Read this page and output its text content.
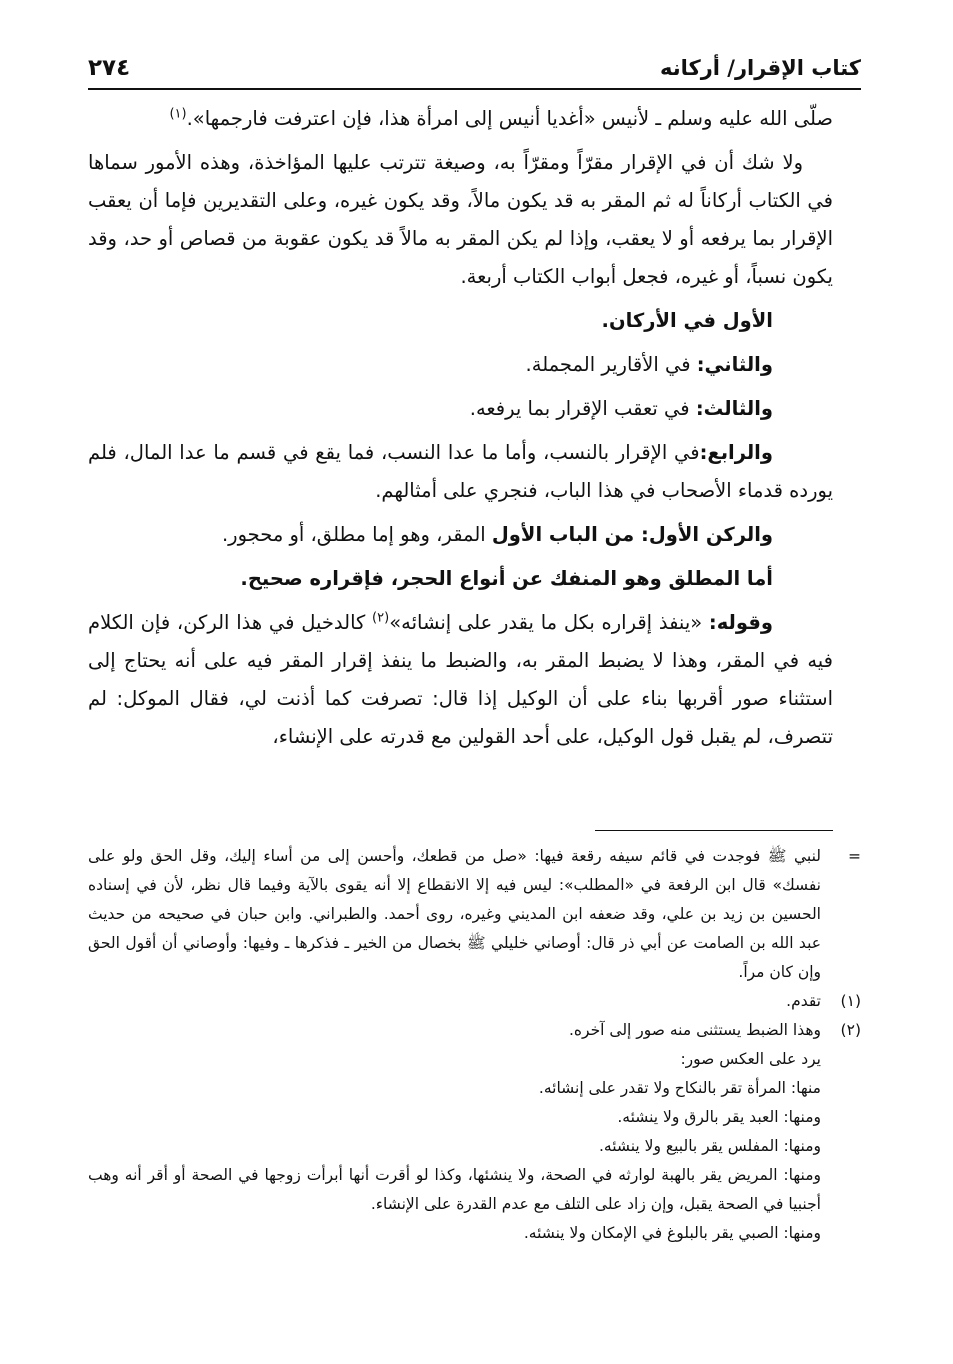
كتاب الإقرار/ أركانه
٢٧٤

صلّى الله عليه وسلم ـ لأنيس «أغديا أنيس إلى امرأة هذا، فإن اعترفت فارجمها».$^{(١)}$

ولا شك أن في الإقرار مقرّاً ومقرّاً به، وصيغة تترتب عليها المؤاخذة، وهذه الأمور سماها في الكتاب أركاناً له ثم المقر به قد يكون مالاً، وقد يكون غيره، وعلى التقديرين فإما أن يعقب الإقرار بما يرفعه أو لا يعقب، وإذا لم يكن المقر به مالاً قد يكون عقوبة من قصاص أو حد، وقد يكون نسباً، أو غيره، فجعل أبواب الكتاب أربعة.

الأول في الأركان.

والثاني: في الأقارير المجملة.

والثالث: في تعقب الإقرار بما يرفعه.

والرابع:في الإقرار بالنسب، وأما ما عدا النسب، فما يقع في قسم ما عدا المال، فلم يورده قدماء الأصحاب في هذا الباب، فنجري على أمثالهم.

والركن الأول: من الباب الأول المقر، وهو إما مطلق، أو محجور.

أما المطلق وهو المنفك عن أنواع الحجر، فإقراره صحيح.

وقوله: «ينفذ إقراره بكل ما يقدر على إنشائه»$^{(٢)}$ كالدخيل في هذا الركن، فإن الكلام فيه في المقر، وهذا لا يضبط المقر به، والضبط ما ينفذ إقرار المقر فيه على أنه يحتاج إلى استثناء صور أقربها بناء على أن الوكيل إذا قال: تصرفت كما أذنت لي، فقال الموكل: لم تتصرف، لم يقبل قول الوكيل، على أحد القولين مع قدرته على الإنشاء،

=
لنبي ﷺ فوجدت في قائم سيفه رقعة فيها: «صل من قطعك، وأحسن إلى من أساء إليك، وقل الحق ولو على نفسك» قال ابن الرفعة في «المطلب»: ليس فيه إلا الانقطاع إلا أنه يقوى بالآية وفيما قال نظر، لأن في إسناده الحسين بن زيد بن علي، وقد ضعفه ابن المديني وغيره، روى أحمد. والطبراني. وابن حبان في صحيحه من حديث عبد الله بن الصامت عن أبي ذر قال: أوصاني خليلي ﷺ بخصال من الخير ـ فذكرها ـ وفيها: وأوصاني أن أقول الحق وإن كان مراً.
(١)
تقدم.
(٢)
وهذا الضبط يستثنى منه صور إلى آخره.
يرد على العكس صور:
منها: المرأة تقر بالنكاح ولا تقدر على إنشائه.
ومنها: العبد يقر بالرق ولا ينشئه.
ومنها: المفلس يقر بالبيع ولا ينشئه.
ومنها: المريض يقر بالهبة لوارثه في الصحة، ولا ينشئها، وكذا لو أقرت أنها أبرأت زوجها في الصحة أو أقر أنه وهب أجنبيا في الصحة يقبل، وإن زاد على التلف مع عدم القدرة على الإنشاء.
ومنها: الصبي يقر بالبلوغ في الإمكان ولا ينشئه.
